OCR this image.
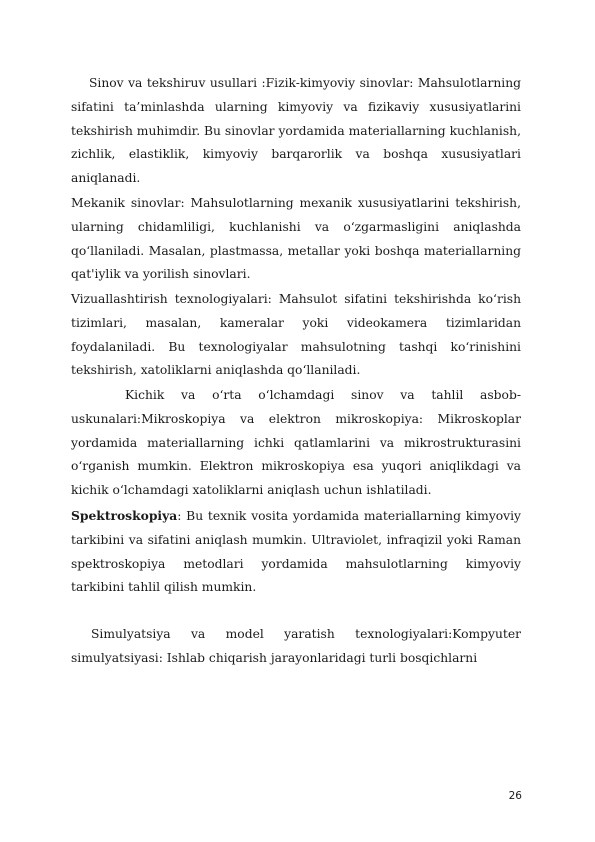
Sinov va tekshiruv usullari :Fizik-kimyoviy sinovlar: Mahsulotlarning sifatini ta’minlashda ularning kimyoviy va fizikaviy xususiyatlarini tekshirish muhimdir. Bu sinovlar yordamida materiallarning kuchlanish, zichlik, elastiklik, kimyoviy barqarorlik va boshqa xususiyatlari aniqlanadi.

Mekanik sinovlar: Mahsulotlarning mexanik xususiyatlarini tekshirish, ularning chidamliligi, kuchlanishi va o‘zgarmasligini aniqlashda qo‘llaniladi. Masalan, plastmassa, metallar yoki boshqa materiallarning qat'iylik va yorilish sinovlari.

Vizuallashtirish texnologiyalari: Mahsulot sifatini tekshirishda ko‘rish tizimlari, masalan, kameralar yoki videokamera tizimlaridan foydalaniladi. Bu texnologiyalar mahsulotning tashqi ko‘rinishini tekshirish, xatoliklarni aniqlashda qo‘llaniladi.

Kichik va o‘rta o‘lchamdagi sinov va tahlil asbob-uskunalari:Mikroskopiya va elektron mikroskopiya: Mikroskoplar yordamida materiallarning ichki qatlamlarini va mikrostrukturasini o‘rganish mumkin. Elektron mikroskopiya esa yuqori aniqlikdagi va kichik o‘lchamdagi xatoliklarni aniqlash uchun ishlatiladi.

Spektroskopiya: Bu texnik vosita yordamida materiallarning kimyoviy tarkibini va sifatini aniqlash mumkin. Ultraviolet, infraqizil yoki Raman spektroskopiya metodlari yordamida mahsulotlarning kimyoviy tarkibini tahlil qilish mumkin.

Simulyatsiya va model yaratish texnologiyalari:Kompyuter simulyatsiyasi: Ishlab chiqarish jarayonlaridagi turli bosqichlarni

26
